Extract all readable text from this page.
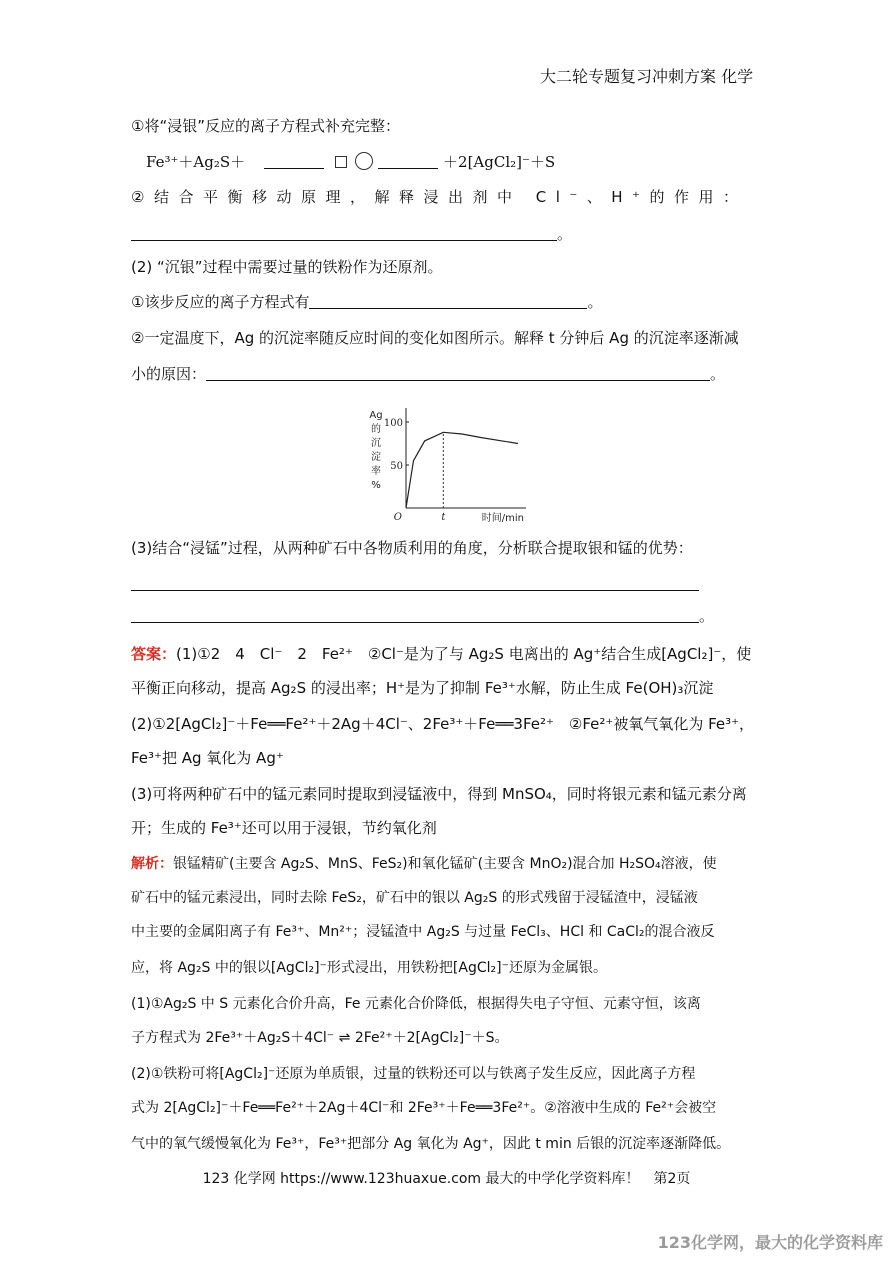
大二轮专题复习冲刺方案 化学
①将“浸银”反应的离子方程式补充完整：
Fe³⁺＋Ag₂S＋	＋2[AgCl₂]⁻＋S
②结合平衡移动原理，解释浸出剂中 Cl⁻、H⁺的作用：
。
(2) “沉银”过程中需要过量的铁粉作为还原剂。
①该步反应的离子方程式有	。
②一定温度下，Ag 的沉淀率随反应时间的变化如图所示。解释 t 分钟后 Ag 的沉淀率逐渐减
小的原因：	。
100
50
Ag
的
沉
淀
率
%
O	t	时间/min
(3)结合“浸锰”过程，从两种矿石中各物质利用的角度，分析联合提取银和锰的优势：
。
答案：(1)①2　4　Cl⁻　2　Fe²⁺　②Cl⁻是为了与 Ag₂S 电离出的 Ag⁺结合生成[AgCl₂]⁻，使
平衡正向移动，提高 Ag₂S 的浸出率；H⁺是为了抑制 Fe³⁺水解，防止生成 Fe(OH)₃沉淀
(2)①2[AgCl₂]⁻＋Fe══Fe²⁺＋2Ag＋4Cl⁻、2Fe³⁺＋Fe══3Fe²⁺　②Fe²⁺被氧气氧化为 Fe³⁺，
Fe³⁺把 Ag 氧化为 Ag⁺
(3)可将两种矿石中的锰元素同时提取到浸锰液中，得到 MnSO₄，同时将银元素和锰元素分离
开；生成的 Fe³⁺还可以用于浸银，节约氧化剂
解析：银锰精矿(主要含 Ag₂S、MnS、FeS₂)和氧化锰矿(主要含 MnO₂)混合加 H₂SO₄溶液，使
矿石中的锰元素浸出，同时去除 FeS₂，矿石中的银以 Ag₂S 的形式残留于浸锰渣中，浸锰液
中主要的金属阳离子有 Fe³⁺、Mn²⁺；浸锰渣中 Ag₂S 与过量 FeCl₃、HCl 和 CaCl₂的混合液反
应，将 Ag₂S 中的银以[AgCl₂]⁻形式浸出，用铁粉把[AgCl₂]⁻还原为金属银。
(1)①Ag₂S 中 S 元素化合价升高，Fe 元素化合价降低，根据得失电子守恒、元素守恒，该离
子方程式为 2Fe³⁺＋Ag₂S＋4Cl⁻ ⇌ 2Fe²⁺＋2[AgCl₂]⁻＋S。
(2)①铁粉可将[AgCl₂]⁻还原为单质银，过量的铁粉还可以与铁离子发生反应，因此离子方程
式为 2[AgCl₂]⁻＋Fe══Fe²⁺＋2Ag＋4Cl⁻和 2Fe³⁺＋Fe══3Fe²⁺。②溶液中生成的 Fe²⁺会被空
气中的氧气缓慢氧化为 Fe³⁺，Fe³⁺把部分 Ag 氧化为 Ag⁺，因此 t min 后银的沉淀率逐渐降低。
123 化学网 https://www.123huaxue.com 最大的中学化学资料库！　第2页
123化学网，最大的化学资料库
